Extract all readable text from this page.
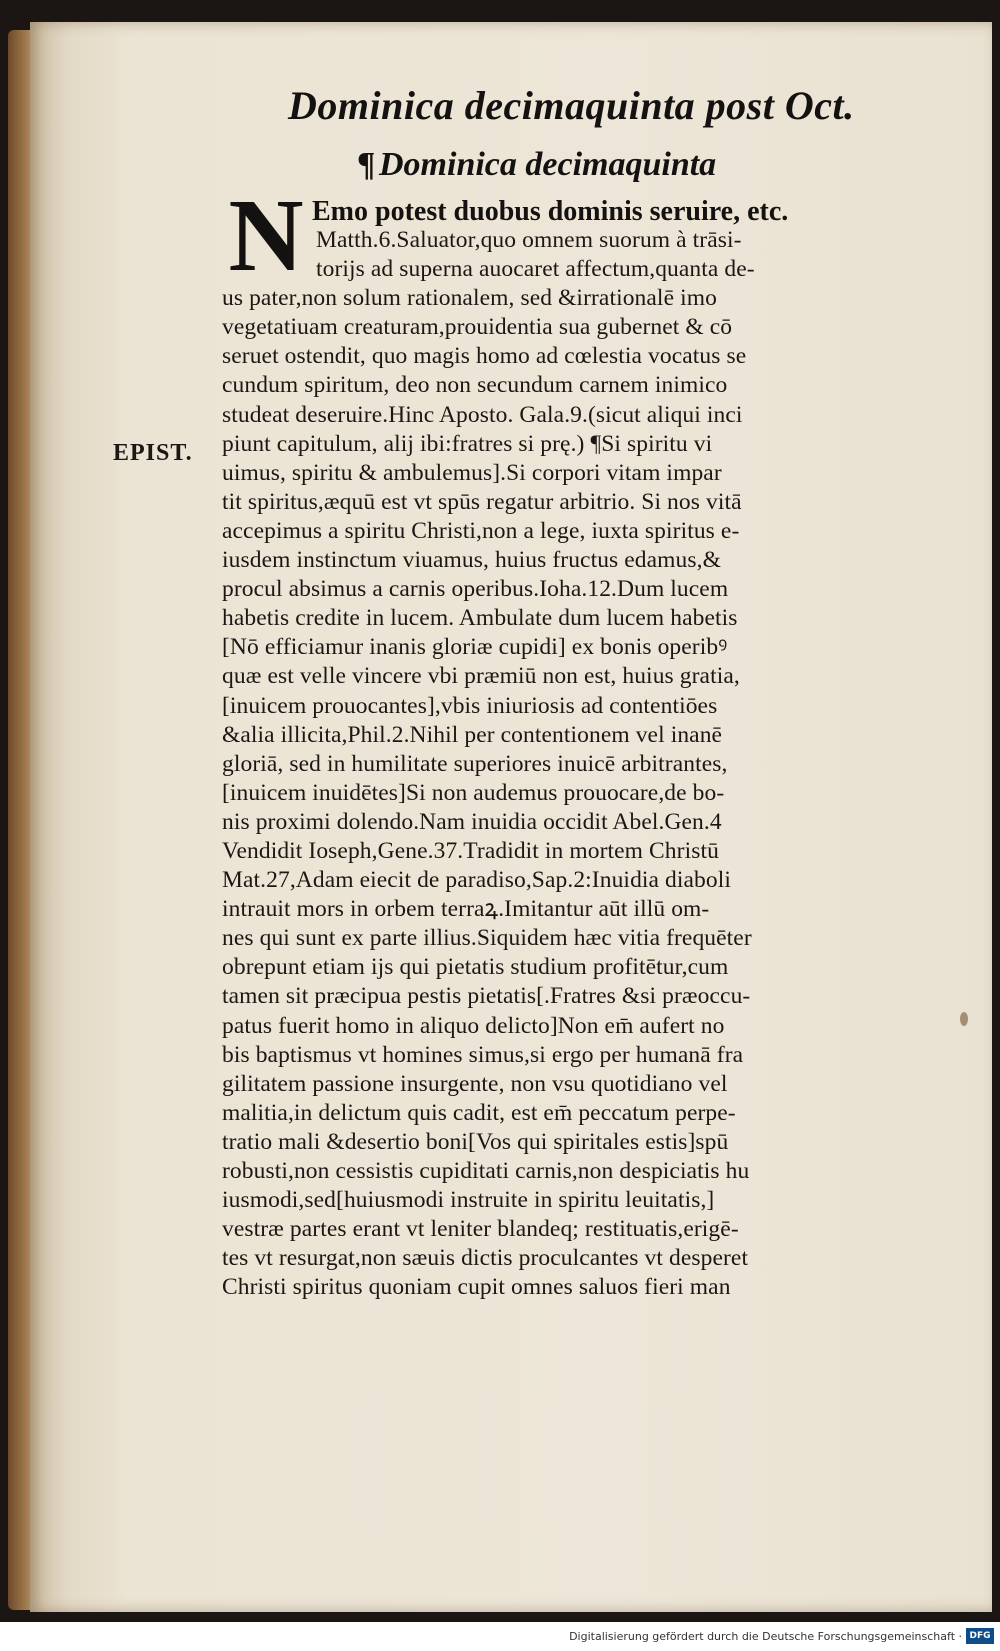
Dominica decimaquinta post Oct.
¶ Dominica decimaquinta
N Emo potest duobus dominis seruire, etc.
EPIST.
Matth.6.Saluator,quo omnem suorum à trāsi-
torijs ad superna auocaret affectum,quanta de-
us pater,non solum rationalem, sed &irrationalē imo
vegetatiuam creaturam,prouidentia sua gubernet & cō
seruet ostendit, quo magis homo ad cœlestia vocatus se
cundum spiritum, deo non secundum carnem inimico
studeat deseruire.Hinc Aposto. Gala.9.(sicut aliqui inci
piunt capitulum, alij ibi:fratres si prę.) ¶Si spiritu vi
uimus, spiritu & ambulemus].Si corpori vitam impar
tit spiritus,æquū est vt spūs regatur arbitrio. Si nos vitā
accepimus a spiritu Christi,non a lege, iuxta spiritus e-
iusdem instinctum viuamus, huius fructus edamus,&
procul absimus a carnis operibus.Ioha.12.Dum lucem
habetis credite in lucem. Ambulate dum lucem habetis
[Nō efficiamur inanis gloriæ cupidi] ex bonis operibꝰ
quæ est velle vincere vbi præmiū non est, huius gratia,
[inuicem prouocantes],vbis iniuriosis ad contentiōes
&alia illicita,Phil.2.Nihil per contentionem vel inanē
gloriā, sed in humilitate superiores inuicē arbitrantes,
[inuicem inuidētes]Si non audemus prouocare,de bo-
nis proximi dolendo.Nam inuidia occidit Abel.Gen.4
Vendidit Ioseph,Gene.37.Tradidit in mortem Christū
Mat.27,Adam eiecit de paradiso,Sap.2:Inuidia diaboli
intrauit mors in orbem terraꝝ.Imitantur aūt illū om-
nes qui sunt ex parte illius.Siquidem hæc vitia frequēter
obrepunt etiam ijs qui pietatis studium profitētur,cum
tamen sit præcipua pestis pietatis[.Fratres &si præoccu-
patus fuerit homo in aliquo delicto]Non em̄ aufert no
bis baptismus vt homines simus,si ergo per humanā fra
gilitatem passione insurgente, non vsu quotidiano vel
malitia,in delictum quis cadit, est em̄ peccatum perpe-
tratio mali &desertio boni[Vos qui spiritales estis]spū
robusti,non cessistis cupiditati carnis,non despiciatis hu
iusmodi,sed[huiusmodi instruite in spiritu leuitatis,]
vestræ partes erant vt leniter blandeq; restituatis,erigē-
tes vt resurgat,non sæuis dictis proculcantes vt desperet
Christi spiritus quoniam cupit omnes saluos fieri man
Digitalisierung gefördert durch die Deutsche Forschungsgemeinschaft · DFG
